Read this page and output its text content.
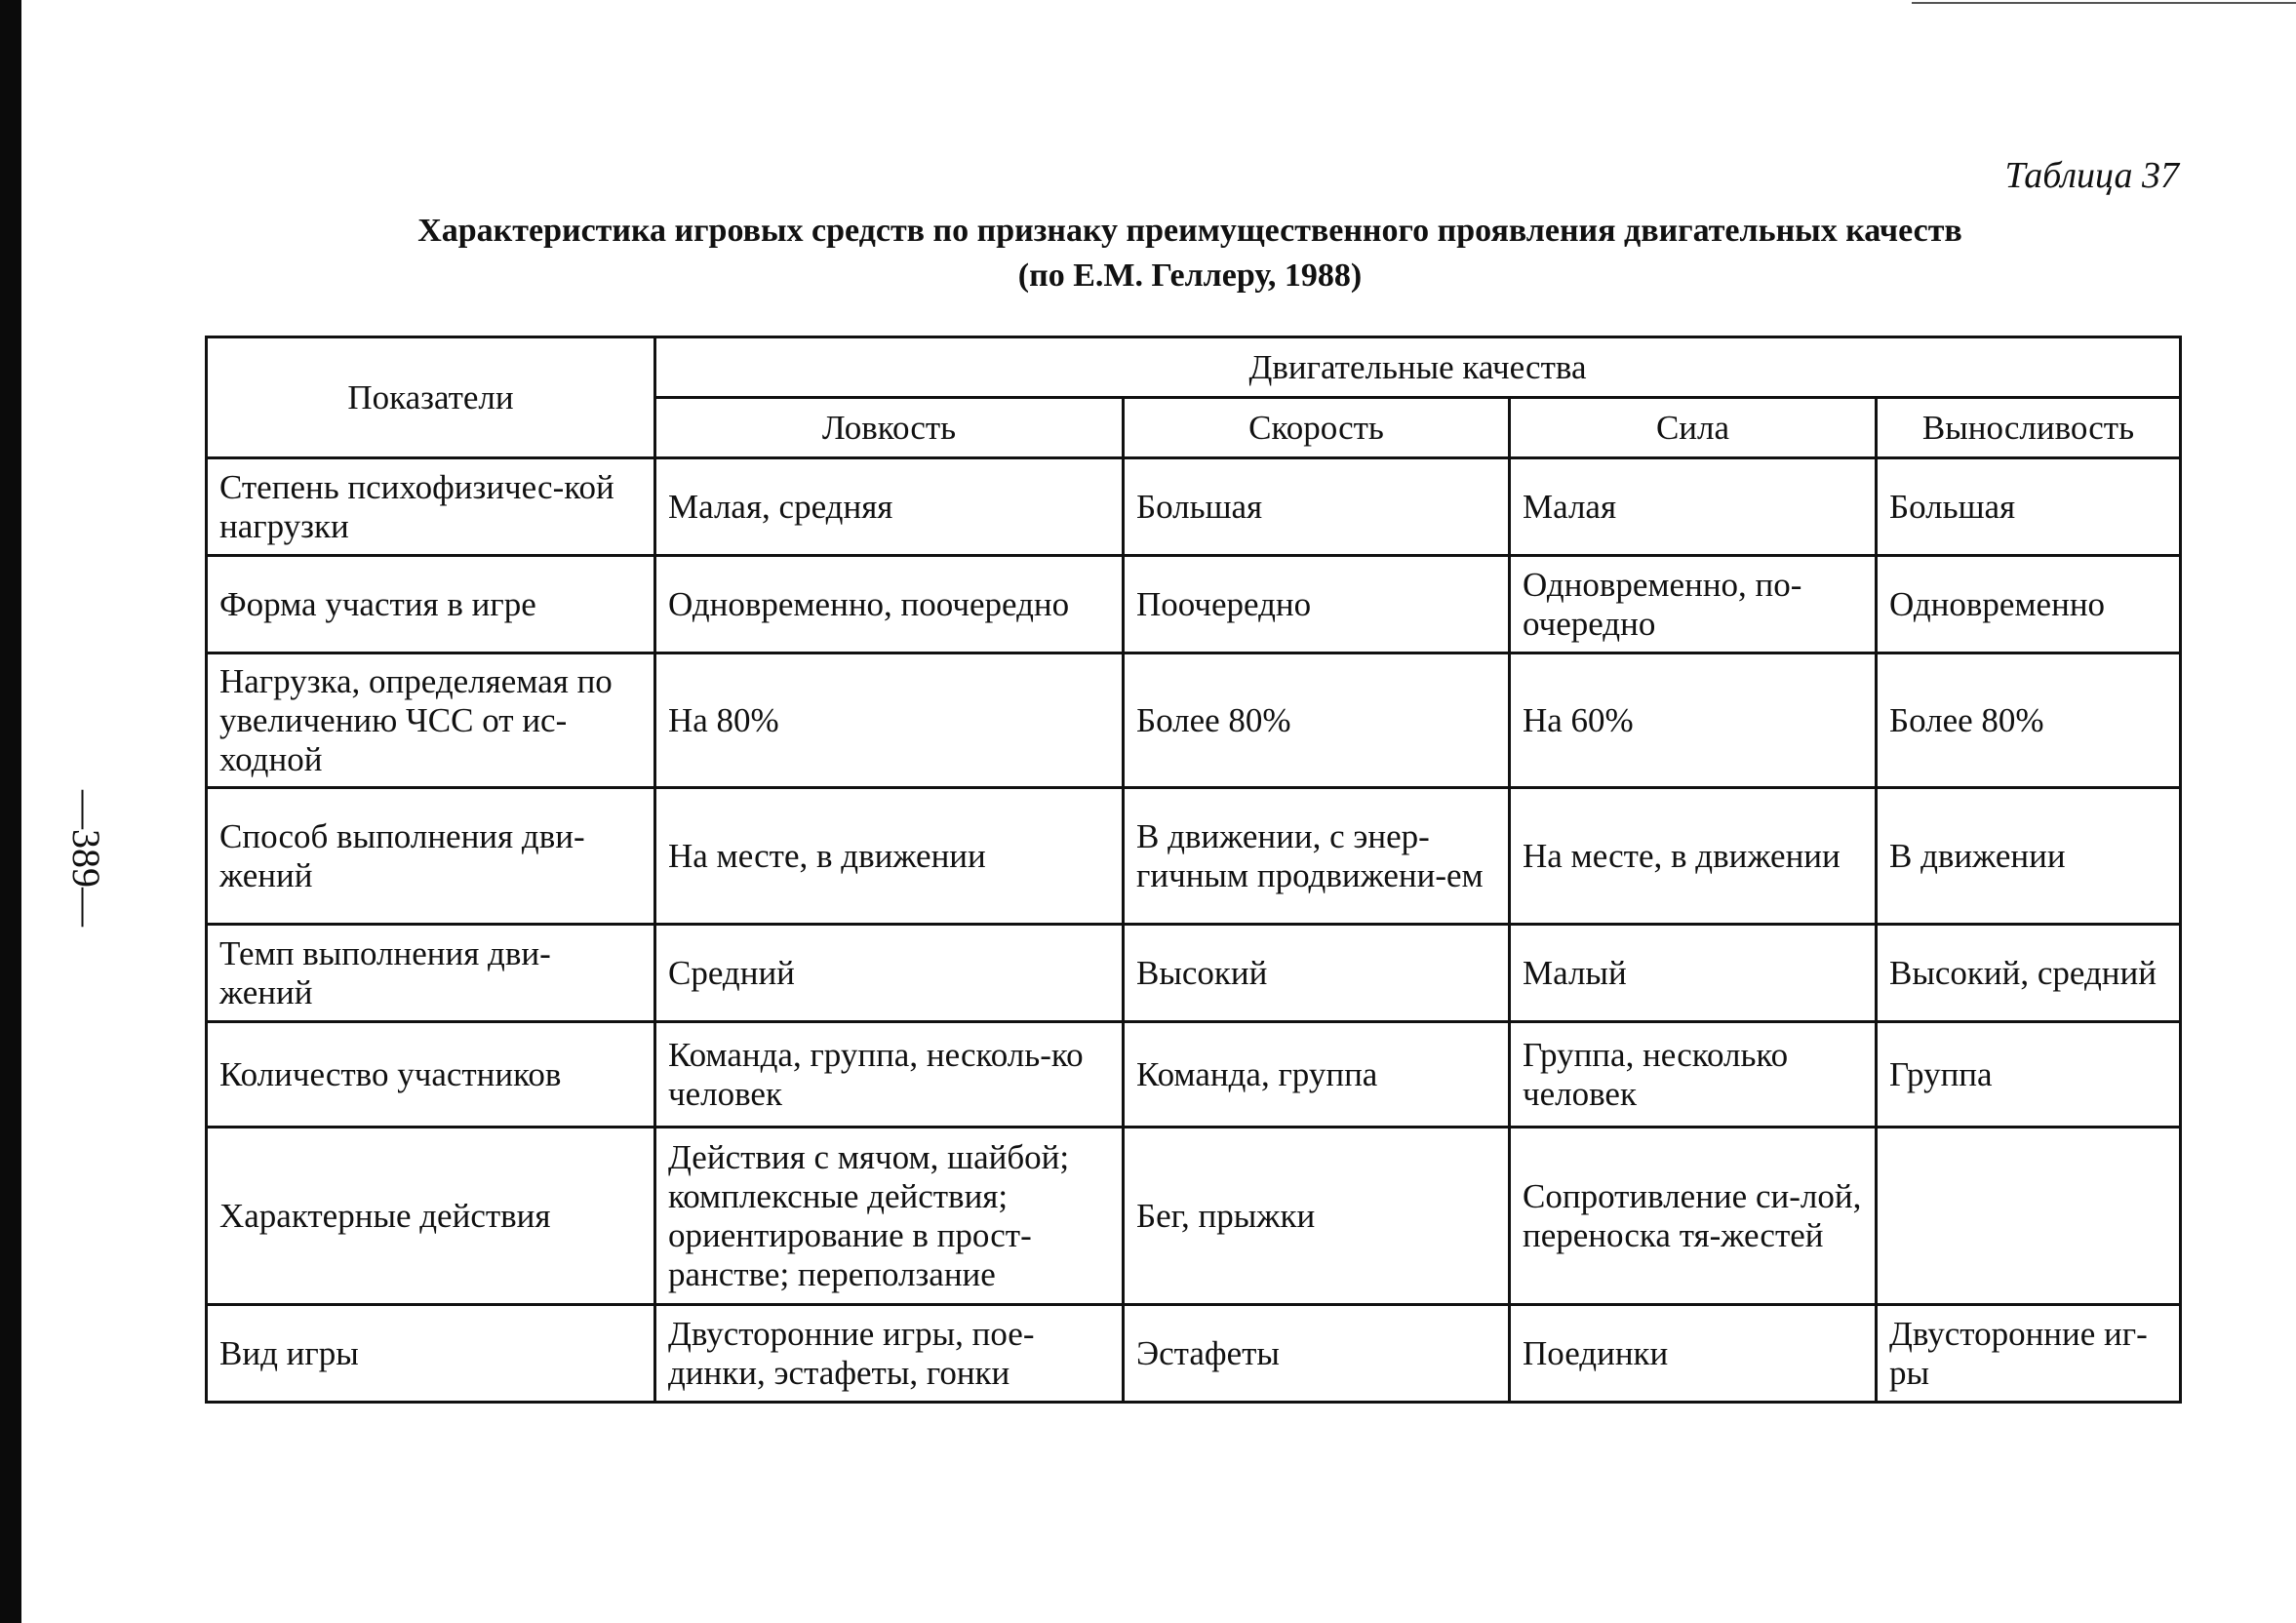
—389—
Таблица 37
Характеристика игровых средств по признаку преимущественного проявления двигательных качеств
(по Е.М. Геллеру, 1988)
Показатели	Двигательные качества			
	Ловкость	Скорость	Сила	Выносливость
Степень психофизичес-кой нагрузки	Малая, средняя	Большая	Малая	Большая
Форма участия в игре	Одновременно, поочередно	Поочередно	Одновременно, по-очередно	Одновременно
Нагрузка, определяемая по увеличению ЧСС от ис-ходной	На 80%	Более 80%	На 60%	Более 80%
Способ выполнения дви-жений	На месте, в движении	В движении, с энер-гичным продвижени-ем	На месте, в движении	В движении
Темп выполнения дви-жений	Средний	Высокий	Малый	Высокий, средний
Количество участников	Команда, группа, несколь-ко человек	Команда, группа	Группа, несколько человек	Группа
Характерные действия	Действия с мячом, шайбой; комплексные действия; ориентирование в прост-ранстве; переползание	Бег, прыжки	Сопротивление си-лой, переноска тя-жестей	
Вид игры	Двусторонние игры, пое-динки, эстафеты, гонки	Эстафеты	Поединки	Двусторонние иг-ры
